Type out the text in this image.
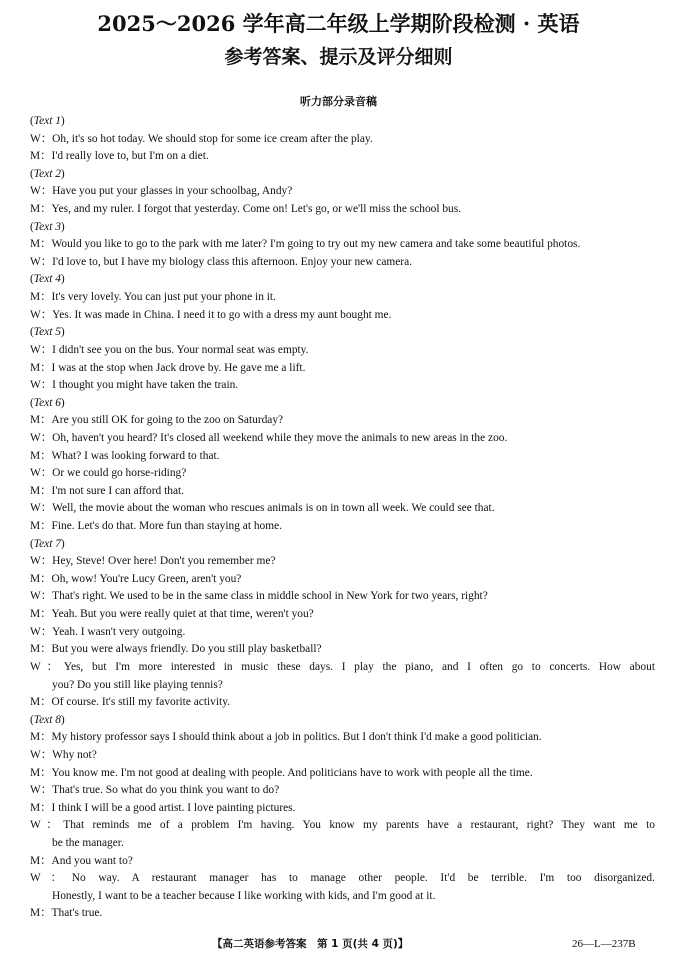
2025～2026 学年高二年级上学期阶段检测 · 英语
参考答案、提示及评分细则
听力部分录音稿
(Text 1)
W：Oh, it's so hot today. We should stop for some ice cream after the play.
M：I'd really love to, but I'm on a diet.
(Text 2)
W：Have you put your glasses in your schoolbag, Andy?
M：Yes, and my ruler. I forgot that yesterday. Come on! Let's go, or we'll miss the school bus.
(Text 3)
M：Would you like to go to the park with me later? I'm going to try out my new camera and take some beautiful photos.
W：I'd love to, but I have my biology class this afternoon. Enjoy your new camera.
(Text 4)
M：It's very lovely. You can just put your phone in it.
W：Yes. It was made in China. I need it to go with a dress my aunt bought me.
(Text 5)
W：I didn't see you on the bus. Your normal seat was empty.
M：I was at the stop when Jack drove by. He gave me a lift.
W：I thought you might have taken the train.
(Text 6)
M：Are you still OK for going to the zoo on Saturday?
W：Oh, haven't you heard? It's closed all weekend while they move the animals to new areas in the zoo.
M：What? I was looking forward to that.
W：Or we could go horse-riding?
M：I'm not sure I can afford that.
W：Well, the movie about the woman who rescues animals is on in town all week. We could see that.
M：Fine. Let's do that. More fun than staying at home.
(Text 7)
W：Hey, Steve! Over here! Don't you remember me?
M：Oh, wow! You're Lucy Green, aren't you?
W：That's right. We used to be in the same class in middle school in New York for two years, right?
M：Yeah. But you were really quiet at that time, weren't you?
W：Yeah. I wasn't very outgoing.
M：But you were always friendly. Do you still play basketball?
W：Yes, but I'm more interested in music these days. I play the piano, and I often go to concerts. How about
you? Do you still like playing tennis?
M：Of course. It's still my favorite activity.
(Text 8)
M：My history professor says I should think about a job in politics. But I don't think I'd make a good politician.
W：Why not?
M：You know me. I'm not good at dealing with people. And politicians have to work with people all the time.
W：That's true. So what do you think you want to do?
M：I think I will be a good artist. I love painting pictures.
W：That reminds me of a problem I'm having. You know my parents have a restaurant, right? They want me to
be the manager.
M：And you want to?
W：No way. A restaurant manager has to manage other people. It'd be terrible. I'm too disorganized.
Honestly, I want to be a teacher because I like working with kids, and I'm good at it.
M：That's true.
【高二英语参考答案　第 1 页(共 4 页)】	26—L—237B
